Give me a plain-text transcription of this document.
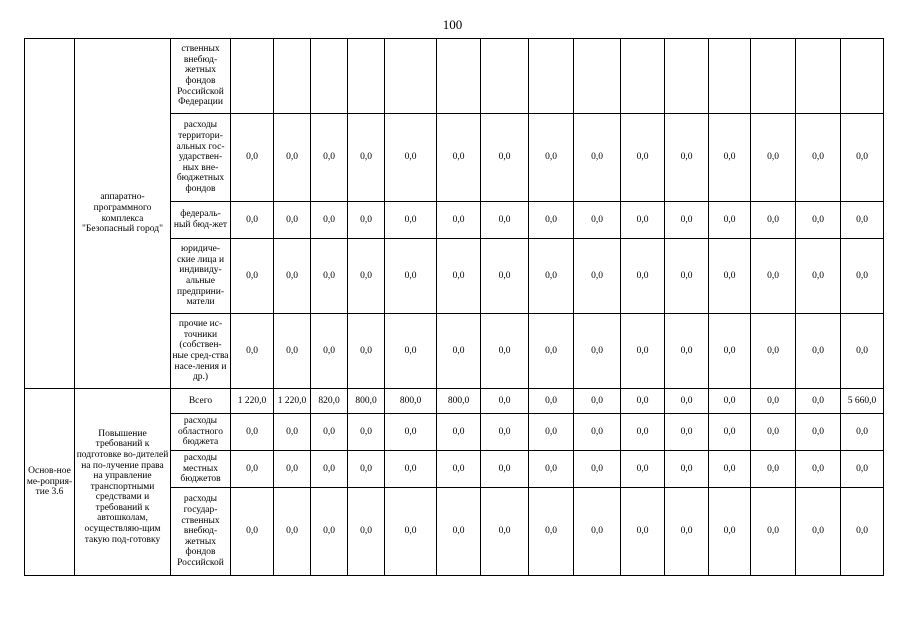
100
	аппаратно-программного комплекса "Безопасный город"	ственных внебюд-жетных фондов Российской Федерации															
		расходы территори-альных гос-ударствен-ных вне-бюджетных фондов	0,0	0,0	0,0	0,0	0,0	0,0	0,0	0,0	0,0	0,0	0,0	0,0	0,0	0,0	0,0
		федераль-ный бюд-жет	0,0	0,0	0,0	0,0	0,0	0,0	0,0	0,0	0,0	0,0	0,0	0,0	0,0	0,0	0,0
		юридиче-ские лица и индивиду-альные предприни-матели	0,0	0,0	0,0	0,0	0,0	0,0	0,0	0,0	0,0	0,0	0,0	0,0	0,0	0,0	0,0
		прочие ис-точники (собствен-ные сред-ства насе-ления и др.)	0,0	0,0	0,0	0,0	0,0	0,0	0,0	0,0	0,0	0,0	0,0	0,0	0,0	0,0	0,0
Основ-ное ме-роприя-тие 3.6	Повышение требований к подготовке во-дителей на по-лучение права на управление транспортными средствами и требований к автошколам, осуществляю-щим такую под-готовку	Всего	1 220,0	1 220,0	820,0	800,0	800,0	800,0	0,0	0,0	0,0	0,0	0,0	0,0	0,0	0,0	5 660,0
		расходы областного бюджета	0,0	0,0	0,0	0,0	0,0	0,0	0,0	0,0	0,0	0,0	0,0	0,0	0,0	0,0	0,0
		расходы местных бюджетов	0,0	0,0	0,0	0,0	0,0	0,0	0,0	0,0	0,0	0,0	0,0	0,0	0,0	0,0	0,0
		расходы государ-ственных внебюд-жетных фондов Российской	0,0	0,0	0,0	0,0	0,0	0,0	0,0	0,0	0,0	0,0	0,0	0,0	0,0	0,0	0,0
